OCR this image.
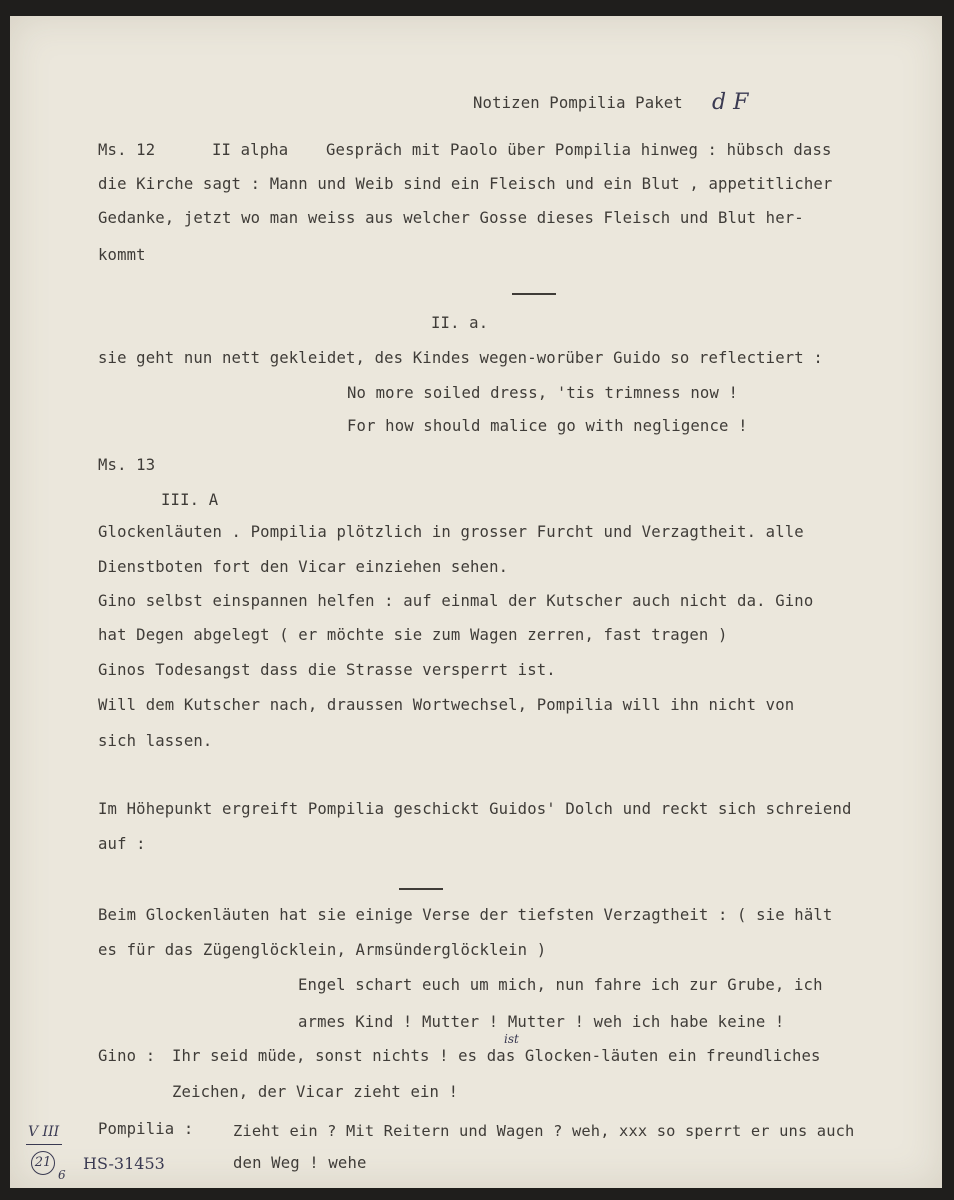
Notizen Pompilia Paket d F
Ms. 12	II alpha Gespräch mit Paolo über Pompilia hinweg : hübsch dass
die Kirche sagt : Mann und Weib sind ein Fleisch und ein Blut , appetitlicher
Gedanke, jetzt wo man weiss aus welcher Gosse dieses Fleisch und Blut her-
kommt
II. a.
sie geht nun nett gekleidet, des Kindes wegen-worüber Guido so reflectiert :
No more soiled dress, 'tis trimness now !
For how should malice go with negligence !
Ms. 13
III. A
Glockenläuten . Pompilia plötzlich in grosser Furcht und Verzagtheit. alle
Dienstboten fort den Vicar einziehen sehen.
Gino selbst einspannen helfen : auf einmal der Kutscher auch nicht da. Gino
hat Degen abgelegt ( er möchte sie zum Wagen zerren, fast tragen )
Ginos Todesangst dass die Strasse versperrt ist.
Will dem Kutscher nach, draussen Wortwechsel, Pompilia will ihn nicht von
sich lassen.
Im Höhepunkt ergreift Pompilia geschickt Guidos' Dolch und reckt sich schreiend
auf :
Beim Glockenläuten hat sie einige Verse der tiefsten Verzagtheit : ( sie hält
es für das Zügenglöcklein, Armsünderglöcklein )
Engel schart euch um mich, nun fahre ich zur Grube, ich
armes Kind ! Mutter ! Mutter ! weh ich habe keine !
Gino : Ihr seid müde, sonst nichts ! es das Glocken-läuten ein freundliches
ist
Zeichen, der Vicar zieht ein !
Pompilia :	Zieht ein ? Mit Reitern und Wagen ? weh, xxx so sperrt er uns auch
den Weg ! wehe
V III
21
6
HS-31453
